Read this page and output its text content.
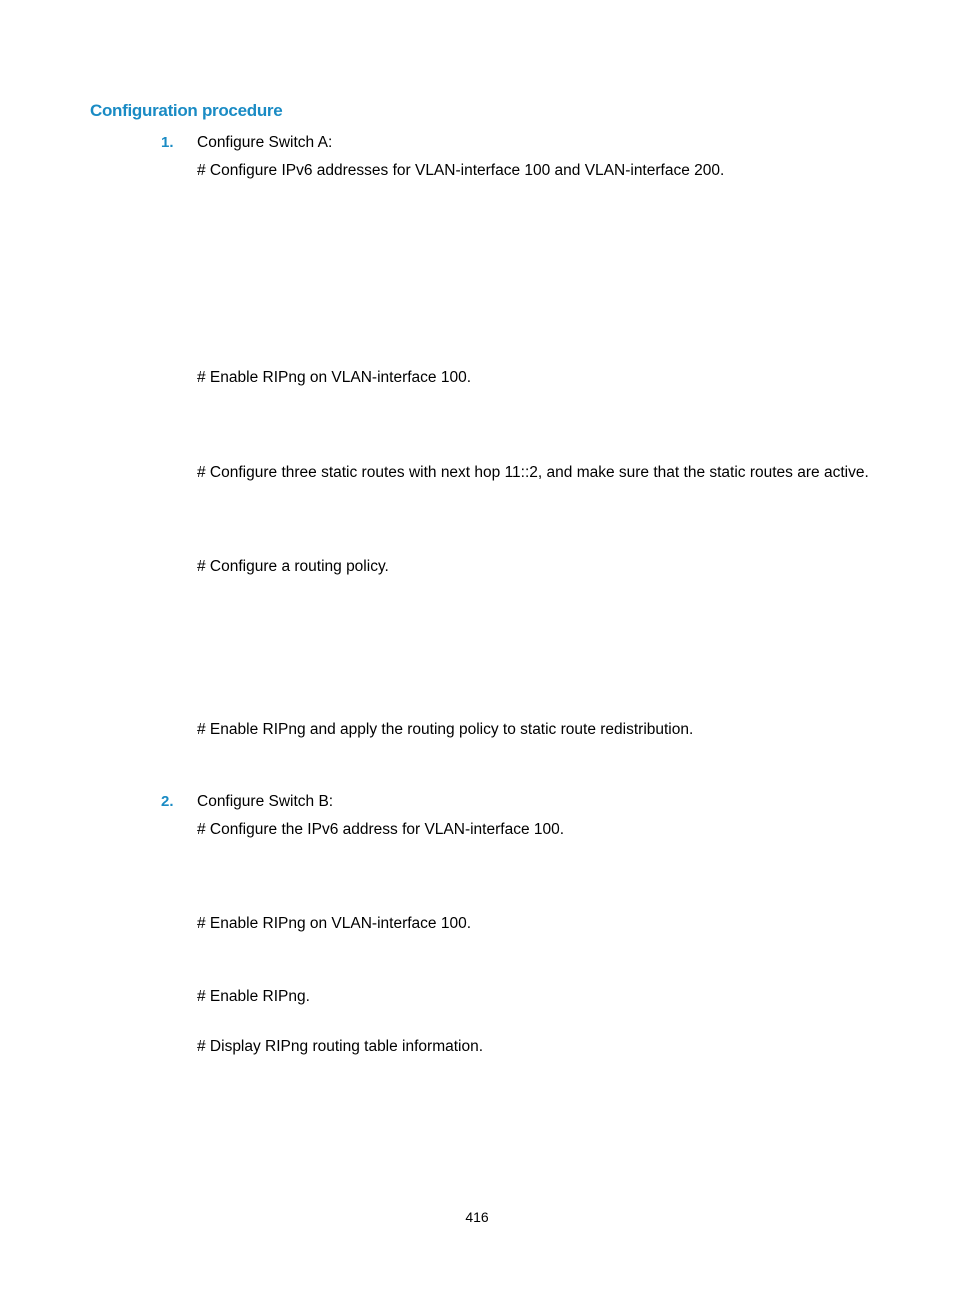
Configuration procedure
1. Configure Switch A:
# Configure IPv6 addresses for VLAN-interface 100 and VLAN-interface 200.
# Enable RIPng on VLAN-interface 100.
# Configure three static routes with next hop 11::2, and make sure that the static routes are active.
# Configure a routing policy.
# Enable RIPng and apply the routing policy to static route redistribution.
2. Configure Switch B:
# Configure the IPv6 address for VLAN-interface 100.
# Enable RIPng on VLAN-interface 100.
# Enable RIPng.
# Display RIPng routing table information.
416
